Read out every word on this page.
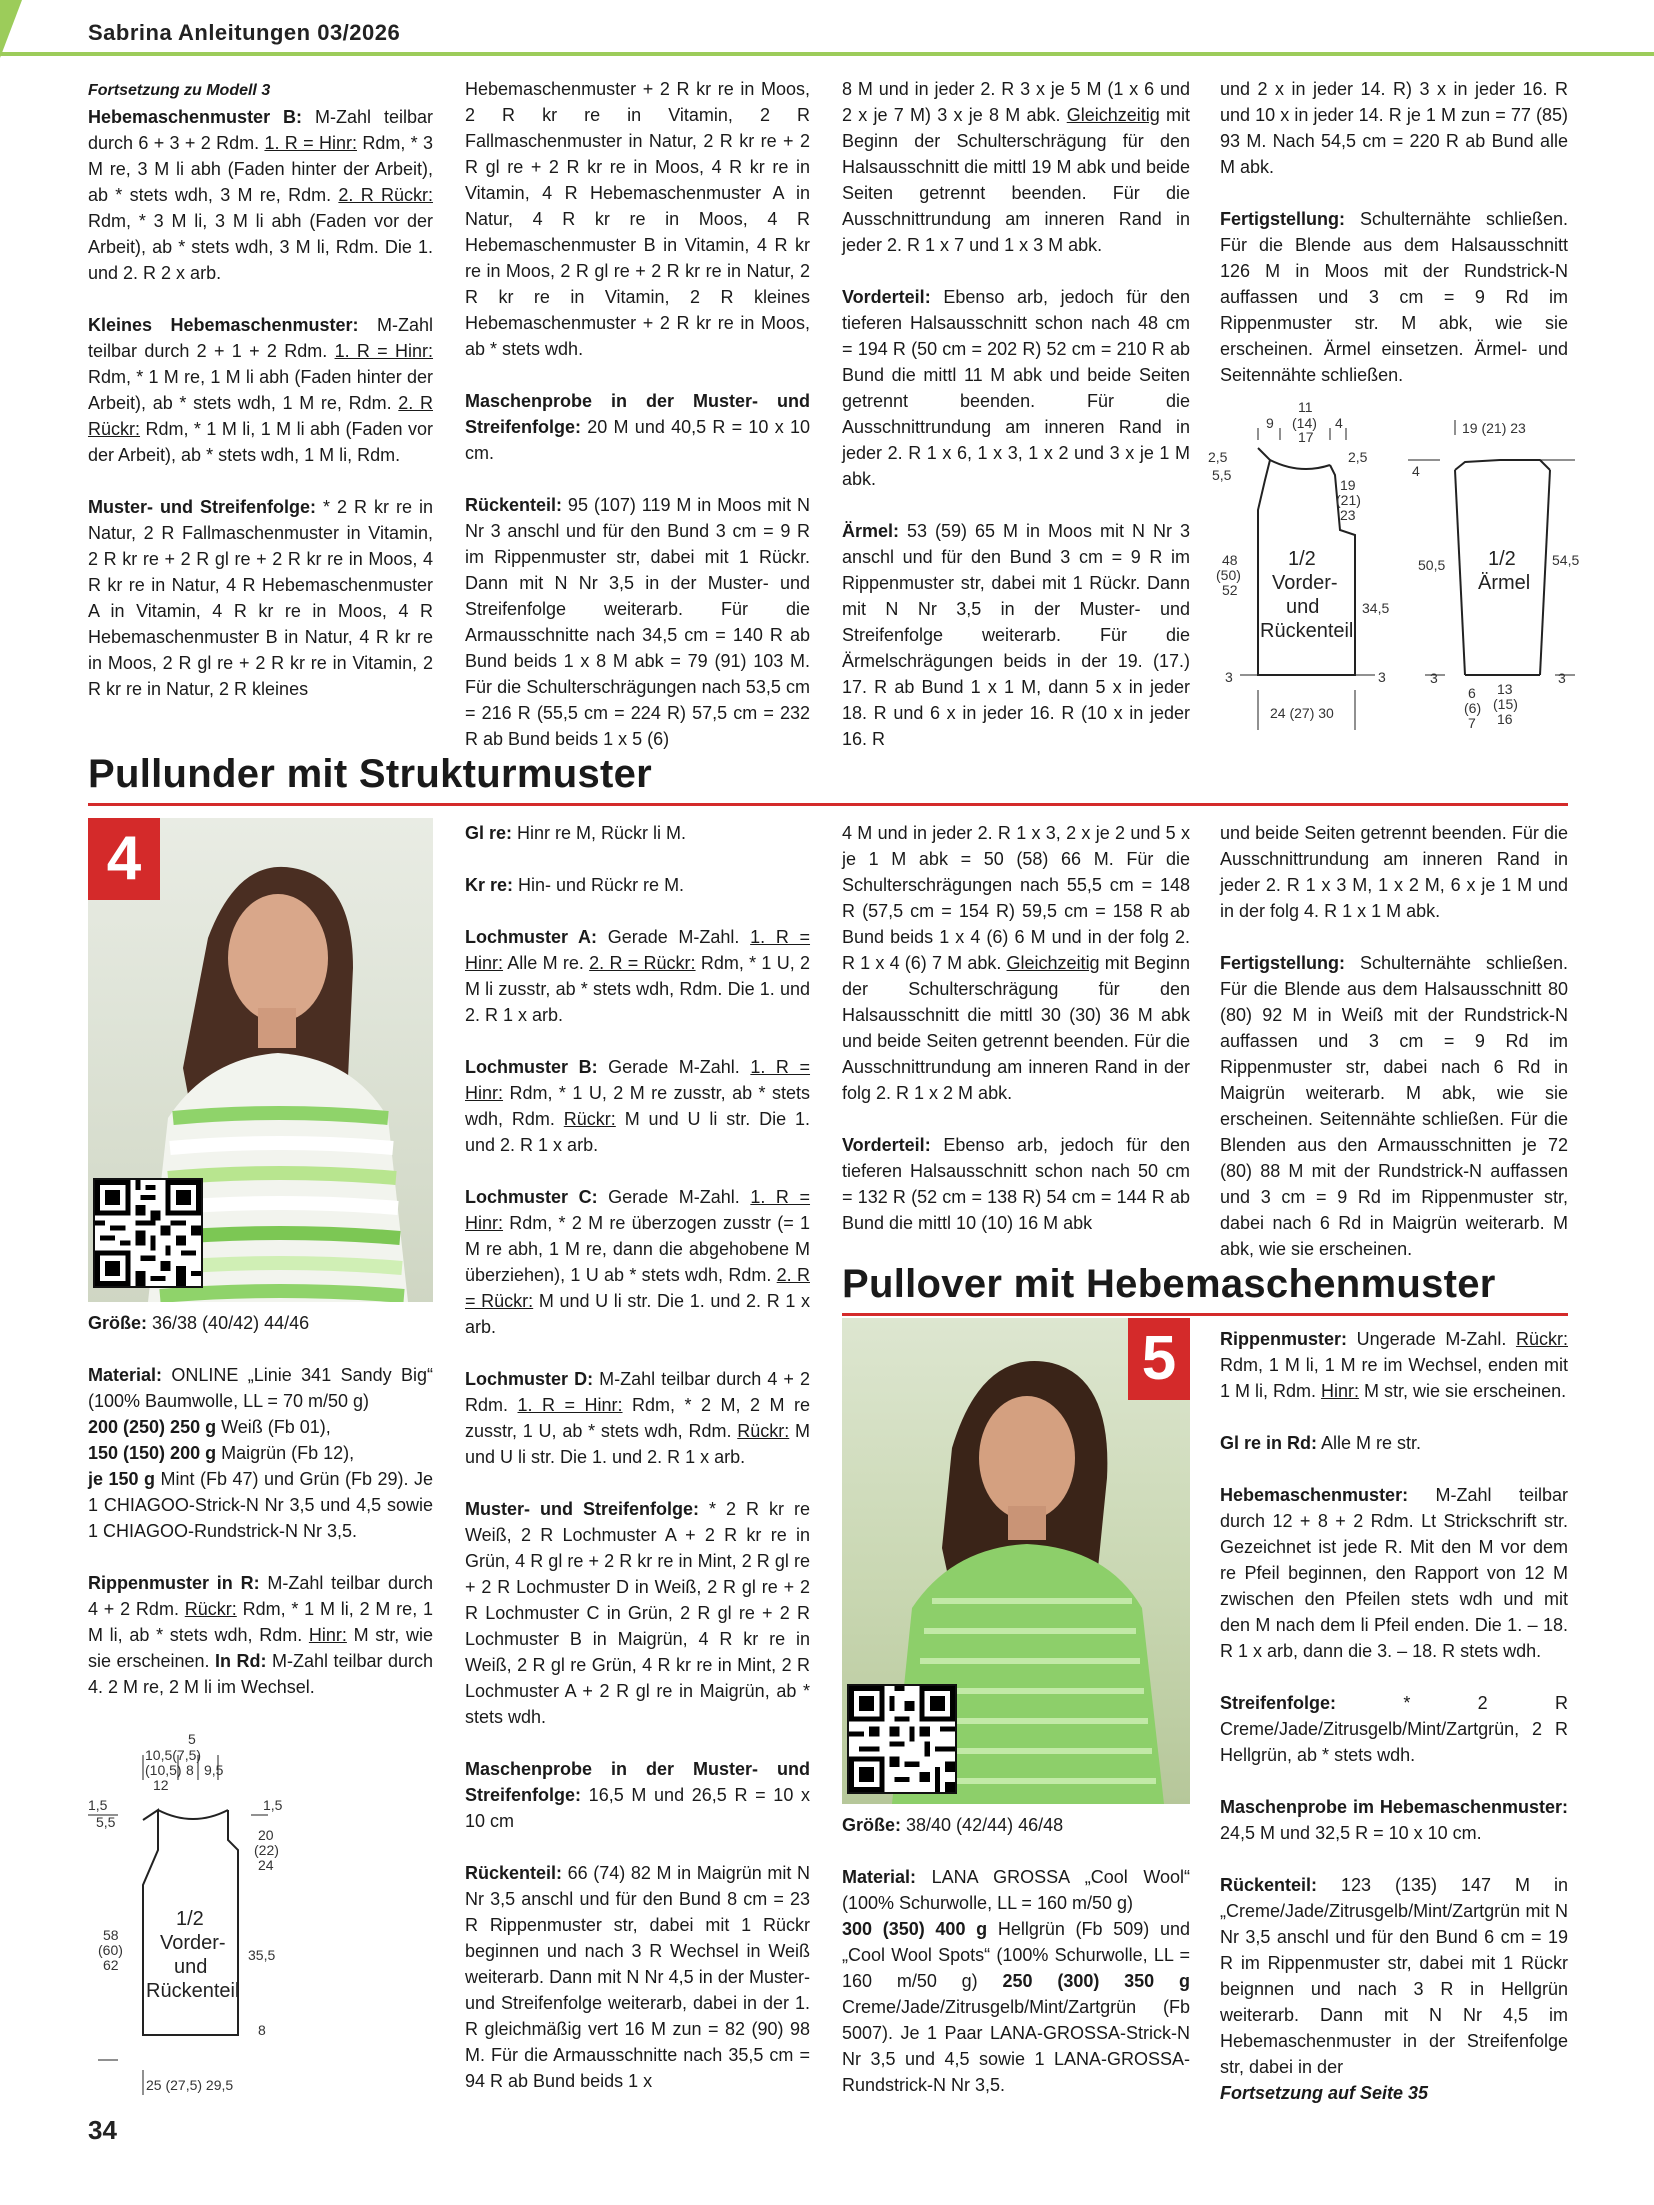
Sabrina Anleitungen 03/2026

Fortsetzung zu Modell 3

Hebemaschenmuster B: M-Zahl teilbar durch 6 + 3 + 2 Rdm. 1. R = Hinr: Rdm, * 3 M re, 3 M li abh (Faden hinter der Arbeit), ab * stets wdh, 3 M re, Rdm. 2. R Rückr: Rdm, * 3 M li, 3 M li abh (Faden vor der Arbeit), ab * stets wdh, 3 M li, Rdm. Die 1. und 2. R 2 x arb.

Kleines Hebemaschenmuster: M-Zahl teilbar durch 2 + 1 + 2 Rdm. 1. R = Hinr: Rdm, * 1 M re, 1 M li abh (Faden hinter der Arbeit), ab * stets wdh, 1 M re, Rdm. 2. R Rückr: Rdm, * 1 M li, 1 M li abh (Faden vor der Arbeit), ab * stets wdh, 1 M li, Rdm.

Muster- und Streifenfolge: * 2 R kr re in Natur, 2 R Fallmaschenmuster in Vitamin, 2 R kr re + 2 R gl re + 2 R kr re in Moos, 4 R kr re in Natur, 4 R Hebemaschenmuster A in Vitamin, 4 R kr re in Moos, 4 R Hebemaschenmuster B in Natur, 4 R kr re in Moos, 2 R gl re + 2 R kr re in Vitamin, 2 R kr re in Natur, 2 R kleines

Hebemaschenmuster + 2 R kr re in Moos, 2 R kr re in Vitamin, 2 R Fallmaschenmuster in Natur, 2 R kr re + 2 R gl re + 2 R kr re in Moos, 4 R kr re in Vitamin, 4 R Hebemaschenmuster A in Natur, 4 R kr re in Moos, 4 R Hebemaschenmuster B in Vitamin, 4 R kr re in Moos, 2 R gl re + 2 R kr re in Natur, 2 R kr re in Vitamin, 2 R kleines Hebemaschenmuster + 2 R kr re in Moos, ab * stets wdh.

Maschenprobe in der Muster- und Streifenfolge: 20 M und 40,5 R = 10 x 10 cm.

Rückenteil: 95 (107) 119 M in Moos mit N Nr 3 anschl und für den Bund 3 cm = 9 R im Rippenmuster str, dabei mit 1 Rückr. Dann mit N Nr 3,5 in der Muster- und Streifenfolge weiterarb. Für die Armausschnitte nach 34,5 cm = 140 R ab Bund beids 1 x 8 M abk = 79 (91) 103 M. Für die Schulterschrägungen nach 53,5 cm = 216 R (55,5 cm = 224 R) 57,5 cm = 232 R ab Bund beids 1 x 5 (6)

8 M und in jeder 2. R 3 x je 5 M (1 x 6 und 2 x je 7 M) 3 x je 8 M abk. Gleichzeitig mit Beginn der Schulterschrägung für den Halsausschnitt die mittl 19 M abk und beide Seiten getrennt beenden. Für die Ausschnittrundung am inneren Rand in jeder 2. R 1 x 7 und 1 x 3 M abk.

Vorderteil: Ebenso arb, jedoch für den tieferen Halsausschnitt schon nach 48 cm = 194 R (50 cm = 202 R) 52 cm = 210 R ab Bund die mittl 11 M abk und beide Seiten getrennt beenden. Für die Ausschnittrundung am inneren Rand in jeder 2. R 1 x 6, 1 x 3, 1 x 2 und 3 x je 1 M abk.

Ärmel: 53 (59) 65 M in Moos mit N Nr 3 anschl und für den Bund 3 cm = 9 R im Rippenmuster str, dabei mit 1 Rückr. Dann mit N Nr 3,5 in der Muster- und Streifenfolge weiterarb. Für die Ärmelschrägungen beids in der 19. (17.) 17. R ab Bund 1 x 1 M, dann 5 x in jeder 18. R und 6 x in jeder 16. R (10 x in jeder 16. R

und 2 x in jeder 14. R) 3 x in jeder 16. R und 10 x in jeder 14. R je 1 M zun = 77 (85) 93 M. Nach 54,5 cm = 220 R ab Bund alle M abk.

Fertigstellung: Schulternähte schließen. Für die Blende aus dem Halsausschnitt 126 M in Moos mit der Rundstrick-N auffassen und 3 cm = 9 Rd im Rippenmuster str. M abk, wie sie erscheinen. Ärmel einsetzen. Ärmel- und Seitennähte schließen.

9
11
(14)
17
4
2,5
5,5
2,5
19
(21)
23
48
(50)
52
34,5
1/2
Vorder-
und
Rückenteil
3	3
24 (27) 30
19 (21) 23
4
50,5	54,5
1/2
Ärmel
3	3
6
(6)
7
13
(15)
16
Pullunder mit Strukturmuster
4

Größe: 36/38 (40/42) 44/46

Material: ONLINE „Linie 341 Sandy Big“ (100% Baumwolle, LL = 70 m/50 g)
200 (250) 250 g Weiß (Fb 01),
150 (150) 200 g Maigrün (Fb 12),
je 150 g Mint (Fb 47) und Grün (Fb 29). Je 1 CHIAGOO-Strick-N Nr 3,5 und 4,5 sowie 1 CHIAGOO-Rundstrick-N Nr 3,5.

Rippenmuster in R: M-Zahl teilbar durch 4 + 2 Rdm. Rückr: Rdm, * 1 M li, 2 M re, 1 M li, ab * stets wdh, Rdm. Hinr: M str, wie sie erscheinen. In Rd: M-Zahl teilbar durch 4. 2 M re, 2 M li im Wechsel.

5
10,5(7,5)
(10,5) 8 9,5
12
1,5
5,5
1,5
20
(22)
24
58
(60)
62
35,5
8
1/2
Vorder-
und
Rückenteil
25 (27,5) 29,5

Gl re: Hinr re M, Rückr li M.

Kr re: Hin- und Rückr re M.

Lochmuster A: Gerade M-Zahl. 1. R = Hinr: Alle M re. 2. R = Rückr: Rdm, * 1 U, 2 M li zusstr, ab * stets wdh, Rdm. Die 1. und 2. R 1 x arb.

Lochmuster B: Gerade M-Zahl. 1. R = Hinr: Rdm, * 1 U, 2 M re zusstr, ab * stets wdh, Rdm. Rückr: M und U li str. Die 1. und 2. R 1 x arb.

Lochmuster C: Gerade M-Zahl. 1. R = Hinr: Rdm, * 2 M re überzogen zusstr (= 1 M re abh, 1 M re, dann die abgehobene M überziehen), 1 U ab * stets wdh, Rdm. 2. R = Rückr: M und U li str. Die 1. und 2. R 1 x arb.

Lochmuster D: M-Zahl teilbar durch 4 + 2 Rdm. 1. R = Hinr: Rdm, * 2 M, 2 M re zusstr, 1 U, ab * stets wdh, Rdm. Rückr: M und U li str. Die 1. und 2. R 1 x arb.

Muster- und Streifenfolge: * 2 R kr re Weiß, 2 R Lochmuster A + 2 R kr re in Grün, 4 R gl re + 2 R kr re in Mint, 2 R gl re + 2 R Lochmuster D in Weiß, 2 R gl re + 2 R Lochmuster C in Grün, 2 R gl re + 2 R Lochmuster B in Maigrün, 4 R kr re in Weiß, 2 R gl re Grün, 4 R kr re in Mint, 2 R Lochmuster A + 2 R gl re in Maigrün, ab * stets wdh.

Maschenprobe in der Muster- und Streifenfolge: 16,5 M und 26,5 R = 10 x 10 cm

Rückenteil: 66 (74) 82 M in Maigrün mit N Nr 3,5 anschl und für den Bund 8 cm = 23 R Rippenmuster str, dabei mit 1 Rückr beginnen und nach 3 R Wechsel in Weiß weiterarb. Dann mit N Nr 4,5 in der Muster- und Streifenfolge weiterarb, dabei in der 1. R gleichmäßig vert 16 M zun = 82 (90) 98 M. Für die Armausschnitte nach 35,5 cm = 94 R ab Bund beids 1 x

4 M und in jeder 2. R 1 x 3, 2 x je 2 und 5 x je 1 M abk = 50 (58) 66 M. Für die Schulterschrägungen nach 55,5 cm = 148 R (57,5 cm = 154 R) 59,5 cm = 158 R ab Bund beids 1 x 4 (6) 6 M und in der folg 2. R 1 x 4 (6) 7 M abk. Gleichzeitig mit Beginn der Schulterschrägung für den Halsausschnitt die mittl 30 (30) 36 M abk und beide Seiten getrennt beenden. Für die Ausschnittrundung am inneren Rand in der folg 2. R 1 x 2 M abk.

Vorderteil: Ebenso arb, jedoch für den tieferen Halsausschnitt schon nach 50 cm = 132 R (52 cm = 138 R) 54 cm = 144 R ab Bund die mittl 10 (10) 16 M abk

und beide Seiten getrennt beenden. Für die Ausschnittrundung am inneren Rand in jeder 2. R 1 x 3 M, 1 x 2 M, 6 x je 1 M und in der folg 4. R 1 x 1 M abk.

Fertigstellung: Schulternähte schließen. Für die Blende aus dem Halsausschnitt 80 (80) 92 M in Weiß mit der Rundstrick-N auffassen und 3 cm = 9 Rd im Rippenmuster str, dabei nach 6 Rd in Maigrün weiterarb. M abk, wie sie erscheinen. Seitennähte schließen. Für die Blenden aus den Armausschnitten je 72 (80) 88 M mit der Rundstrick-N auffassen und 3 cm = 9 Rd im Rippenmuster str, dabei nach 6 Rd in Maigrün weiterarb. M abk, wie sie erscheinen.

Pullover mit Hebemaschenmuster
5

Größe: 38/40 (42/44) 46/48

Material: LANA GROSSA „Cool Wool“ (100% Schurwolle, LL = 160 m/50 g)
300 (350) 400 g Hellgrün (Fb 509) und „Cool Wool Spots“ (100% Schurwolle, LL = 160 m/50 g) 250 (300) 350 g Creme/Jade/Zitrusgelb/Mint/Zartgrün (Fb 5007). Je 1 Paar LANA-GROSSA-Strick-N Nr 3,5 und 4,5 sowie 1 LANA-GROSSA-Rundstrick-N Nr 3,5.

Rippenmuster: Ungerade M-Zahl. Rückr: Rdm, 1 M li, 1 M re im Wechsel, enden mit 1 M li, Rdm. Hinr: M str, wie sie erscheinen.

Gl re in Rd: Alle M re str.

Hebemaschenmuster: M-Zahl teilbar durch 12 + 8 + 2 Rdm. Lt Strickschrift str. Gezeichnet ist jede R. Mit den M vor dem re Pfeil beginnen, den Rapport von 12 M zwischen den Pfeilen stets wdh und mit den M nach dem li Pfeil enden. Die 1. – 18. R 1 x arb, dann die 3. – 18. R stets wdh.

Streifenfolge: * 2 R Creme/Jade/Zitrusgelb/Mint/Zartgrün, 2 R Hellgrün, ab * stets wdh.

Maschenprobe im Hebemaschenmuster: 24,5 M und 32,5 R = 10 x 10 cm.

Rückenteil: 123 (135) 147 M in „Creme/Jade/Zitrusgelb/Mint/Zartgrün mit N Nr 3,5 anschl und für den Bund 6 cm = 19 R im Rippenmuster str, dabei mit 1 Rückr beignnen und nach 3 R in Hellgrün weiterarb. Dann mit N Nr 4,5 im Hebemaschenmuster in der Streifenfolge str, dabei in der
Fortsetzung auf Seite 35

34
